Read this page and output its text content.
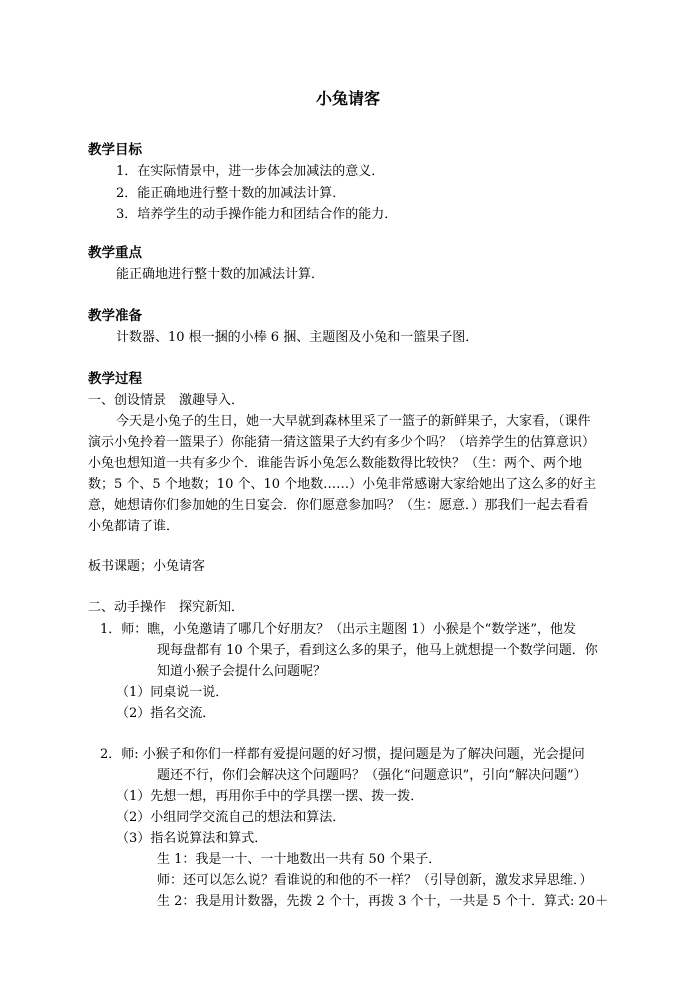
小兔请客
教学目标
1．在实际情景中，进一步体会加减法的意义．
2．能正确地进行整十数的加减法计算．
3．培养学生的动手操作能力和团结合作的能力．
教学重点
能正确地进行整十数的加减法计算．
教学准备
计数器、10 根一捆的小棒 6 捆、主题图及小兔和一篮果子图．
教学过程
一、创设情景　激趣导入．
今天是小兔子的生日，她一大早就到森林里采了一篮子的新鲜果子，大家看，（课件
演示小兔拎着一篮果子）你能猜一猜这篮果子大约有多少个吗？（培养学生的估算意识）
小兔也想知道一共有多少个．谁能告诉小兔怎么数能数得比较快？（生：两个、两个地
数；5 个、5 个地数；10 个、10 个地数……）小兔非常感谢大家给她出了这么多的好主
意，她想请你们参加她的生日宴会．你们愿意参加吗？（生：愿意．）那我们一起去看看
小兔都请了谁．
板书课题；小兔请客
二、动手操作　探究新知．
1．师：瞧，小兔邀请了哪几个好朋友？（出示主题图 1）小猴是个“数学迷”，他发
现每盘都有 10 个果子，看到这么多的果子，他马上就想提一个数学问题．你
知道小猴子会提什么问题呢？
（1）同桌说一说．
（2）指名交流．
2．师: 小猴子和你们一样都有爱提问题的好习惯，提问题是为了解决问题，光会提问
题还不行，你们会解决这个问题吗？（强化“问题意识”，引向“解决问题”）
（1）先想一想，再用你手中的学具摆一摆、拨一拨．
（2）小组同学交流自己的想法和算法．
（3）指名说算法和算式．
生 1：我是一十、一十地数出一共有 50 个果子．
师：还可以怎么说？看谁说的和他的不一样？（引导创新，激发求异思维．）
生 2：我是用计数器，先拨 2 个十，再拨 3 个十，一共是 5 个十．算式: 20＋
